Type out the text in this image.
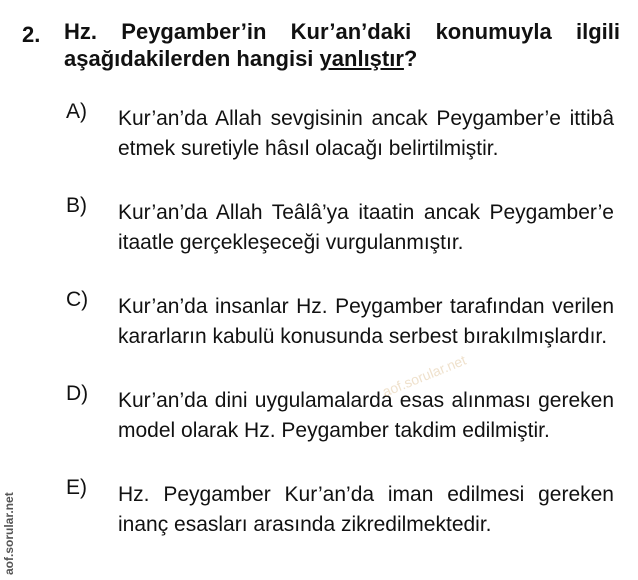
2. Hz. Peygamber’in Kur’an’daki konumuyla ilgili aşağıdakilerden hangisi yanlıştır?
A) Kur’an’da Allah sevgisinin ancak Peygamber’e ittibâ etmek suretiyle hâsıl olacağı belirtilmiştir.
B) Kur’an’da Allah Teâlâ’ya itaatin ancak Peygamber’e itaatle gerçekleşeceği vurgulanmıştır.
C) Kur’an’da insanlar Hz. Peygamber tarafından verilen kararların kabulü konusunda serbest bırakılmışlardır.
D) Kur’an’da dini uygulamalarda esas alınması gereken model olarak Hz. Peygamber takdim edilmiştir.
E) Hz. Peygamber Kur’an’da iman edilmesi gereken inanç esasları arasında zikredilmektedir.
aof.sorular.net
aof.sorular.net
